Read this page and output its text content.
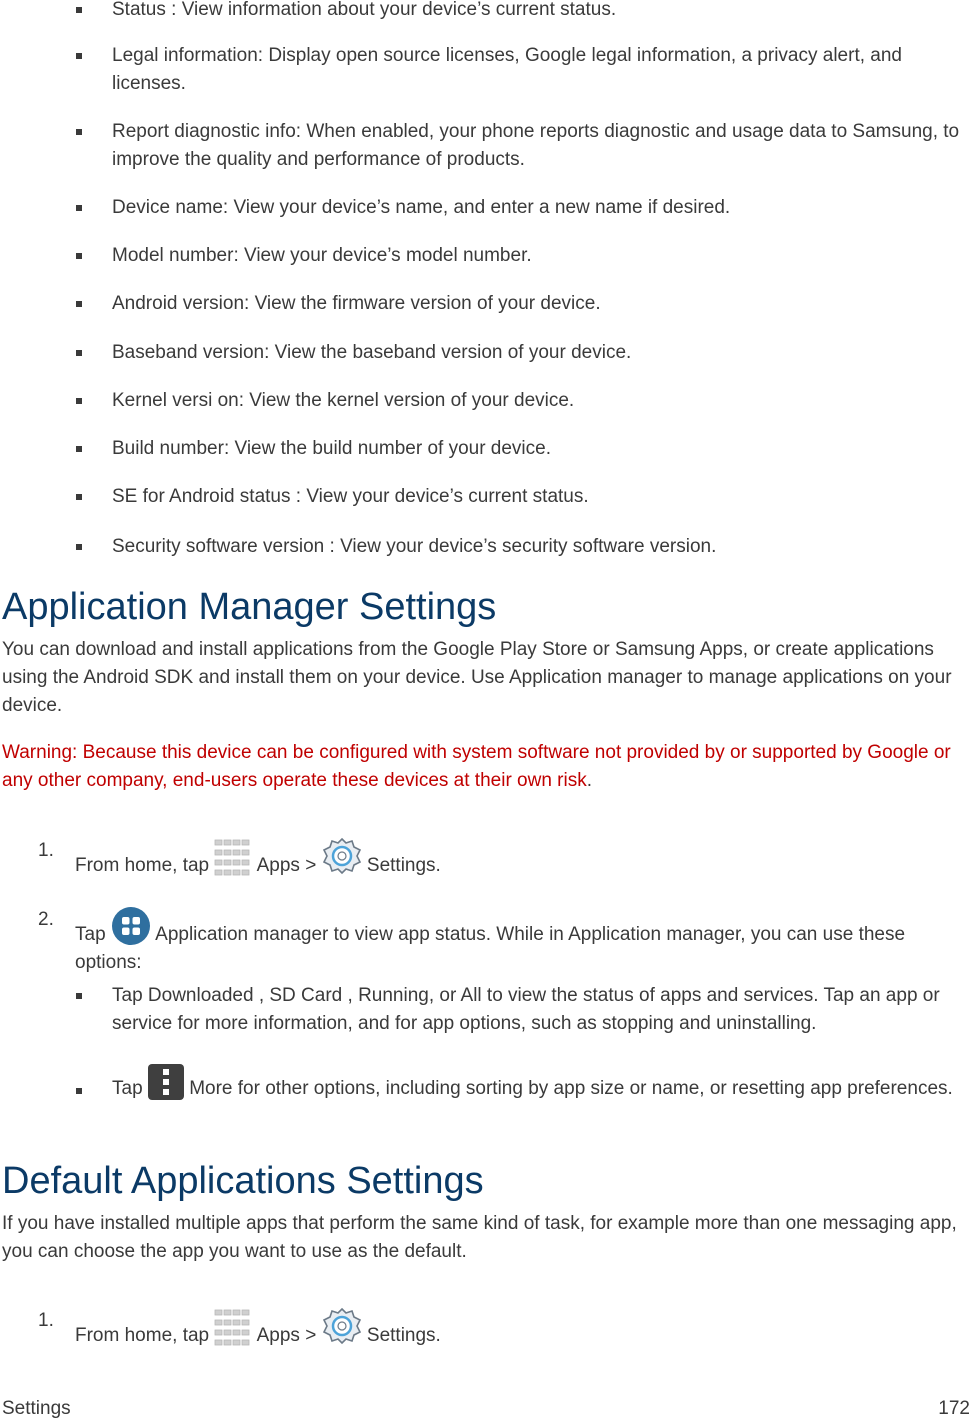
Status : View information about your device’s current status.
Legal information: Display open source licenses, Google legal information, a privacy alert, and licenses.
Report diagnostic info: When enabled, your phone reports diagnostic and usage data to Samsung, to improve the quality and performance of products.
Device name: View your device’s name, and enter a new name if desired.
Model number: View your device’s model number.
Android version: View the firmware version of your device.
Baseband version: View the baseband version of your device.
Kernel versi on: View the kernel version of your device.
Build number: View the build number of your device.
SE for Android status : View your device’s current status.
Security software version : View your device’s security software version.
Application Manager Settings
You can download and install applications from the Google Play Store or Samsung Apps, or create applications using the Android SDK and install them on your device. Use Application manager to manage applications on your device.
Warning: Because this device can be configured with system software not provided by or supported by Google or any other company, end-users operate these devices at their own risk.
1.
From home, tap	Apps >	Settings.
2.
Tap	Application manager to view app status. While in Application manager, you can use these options:
Tap Downloaded , SD Card , Running, or All to view the status of apps and services. Tap an app or service for more information, and for app options, such as stopping and uninstalling.
Tap More for other options, including sorting by app size or name, or resetting app preferences.
Default Applications Settings
If you have installed multiple apps that perform the same kind of task, for example more than one messaging app, you can choose the app you want to use as the default.
1.
From home, tap	Apps >	Settings.
Settings	172
